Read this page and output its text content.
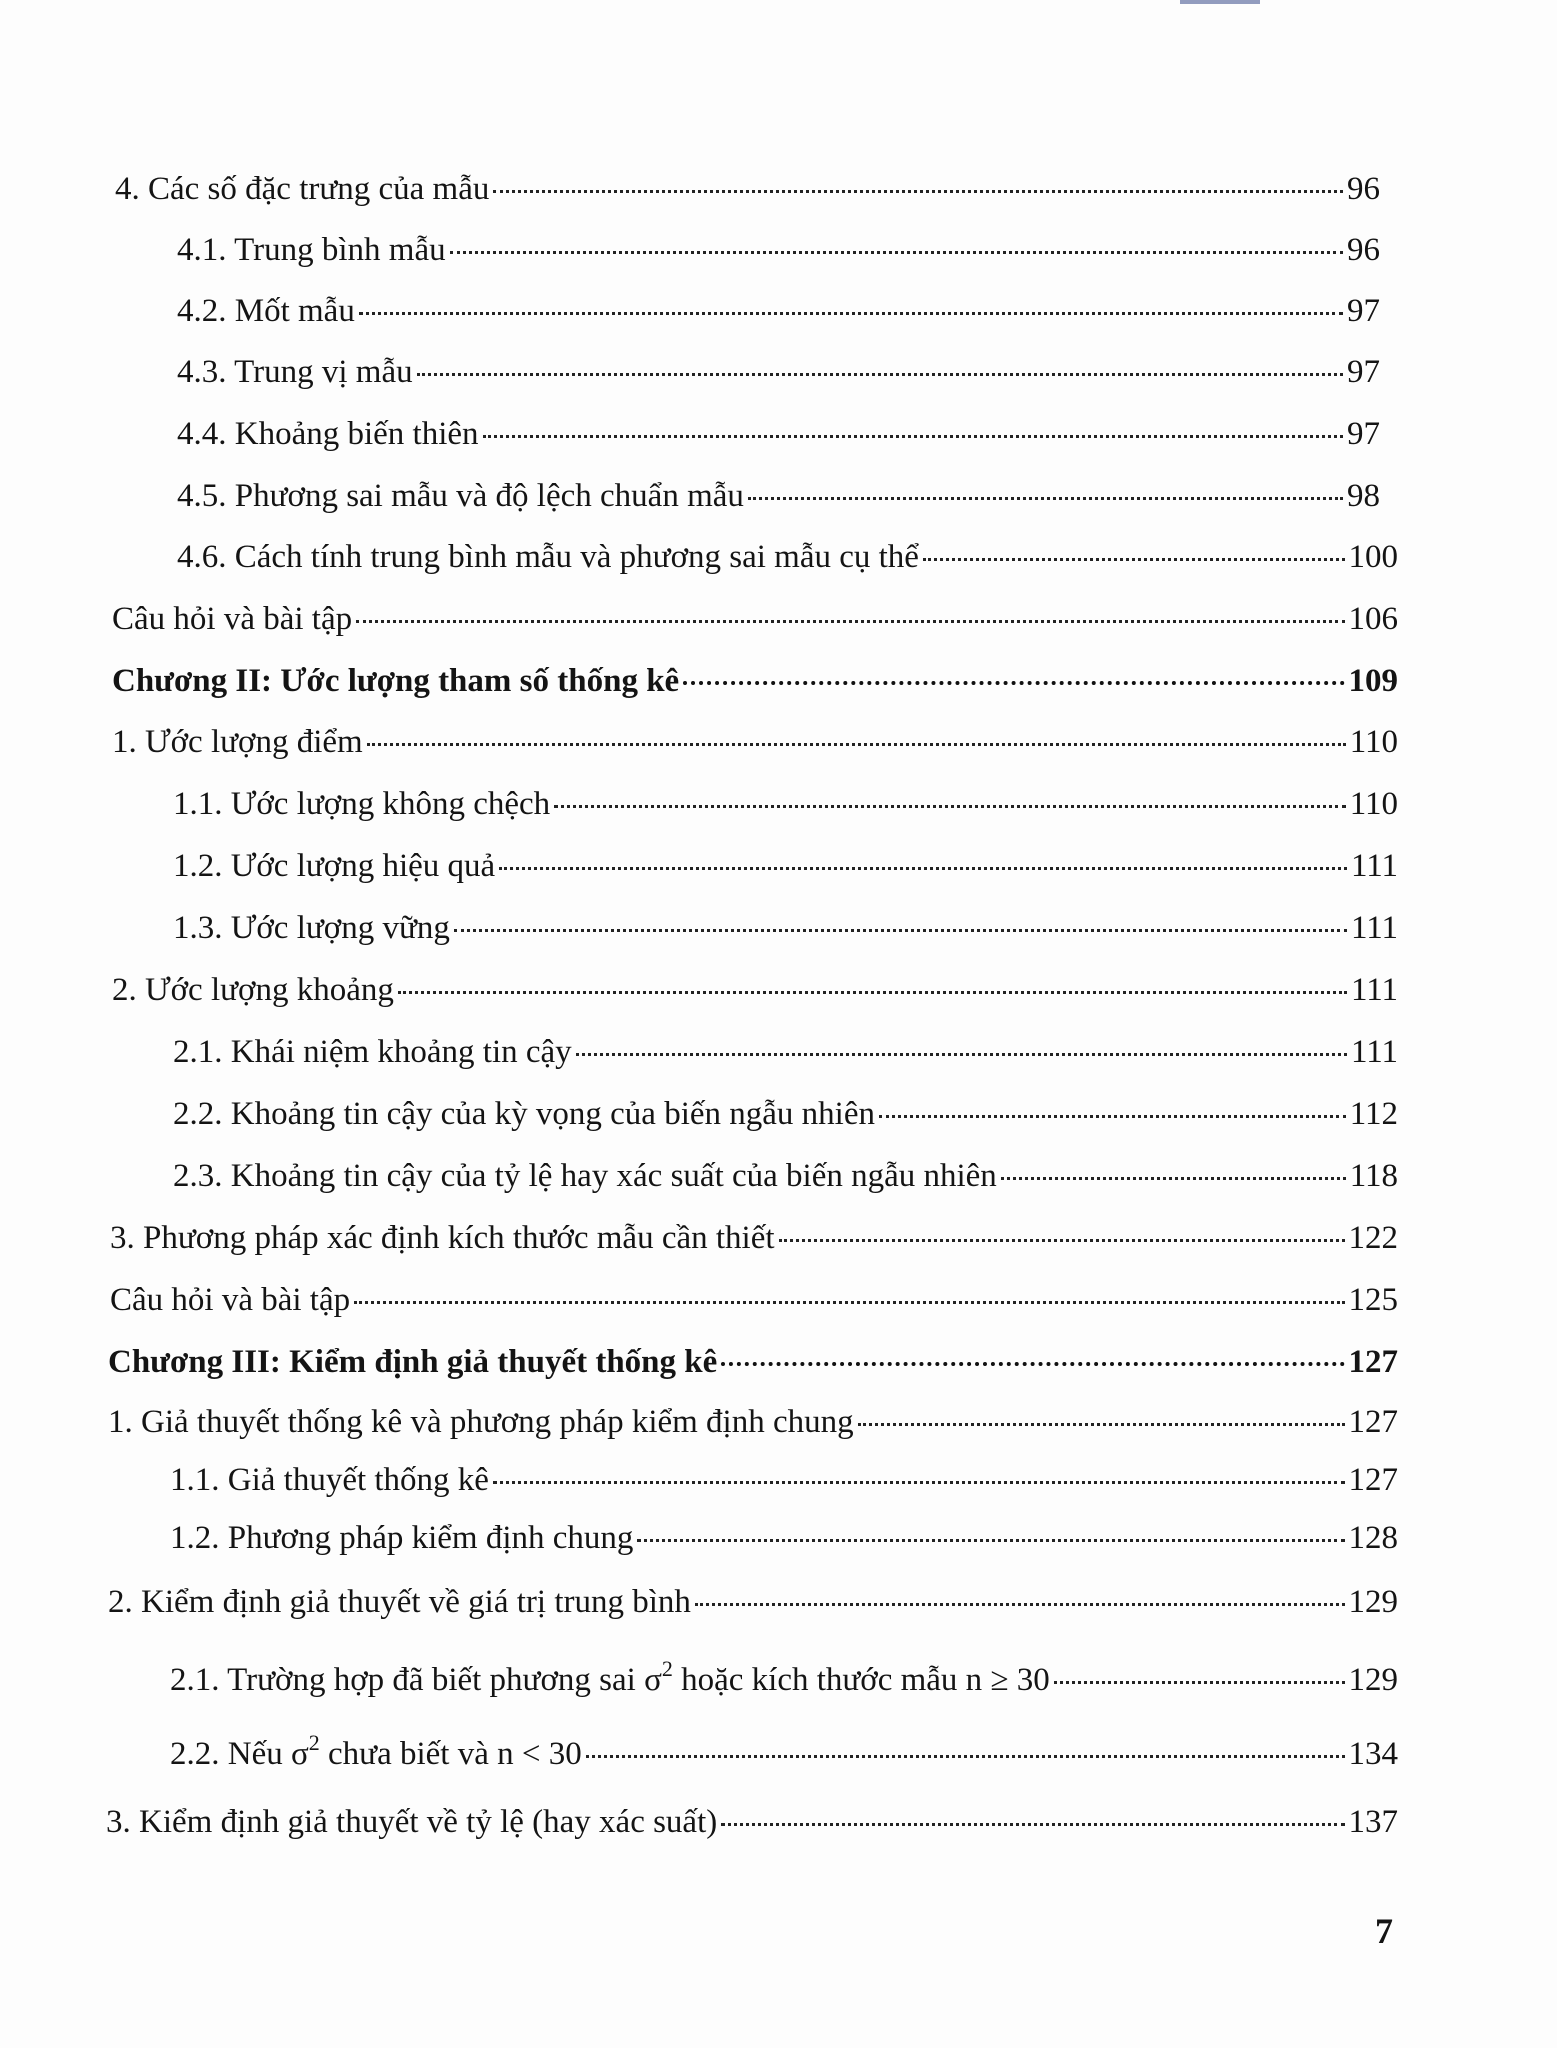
4. Các số đặc trưng của mẫu	96
4.1. Trung bình mẫu	96
4.2. Mốt mẫu	97
4.3. Trung vị mẫu	97
4.4. Khoảng biến thiên	97
4.5. Phương sai mẫu và độ lệch chuẩn mẫu	98
4.6. Cách tính trung bình mẫu và phương sai mẫu cụ thể	100
Câu hỏi và bài tập	106
Chương II: Ước lượng tham số thống kê	109
1. Ước lượng điểm	110
1.1. Ước lượng không chệch	110
1.2. Ước lượng hiệu quả	111
1.3. Ước lượng vững	111
2. Ước lượng khoảng	111
2.1. Khái niệm khoảng tin cậy	111
2.2. Khoảng tin cậy của kỳ vọng của biến ngẫu nhiên	112
2.3. Khoảng tin cậy của tỷ lệ hay xác suất của biến ngẫu nhiên	118
3. Phương pháp xác định kích thước mẫu cần thiết	122
Câu hỏi và bài tập	125
Chương III: Kiểm định giả thuyết thống kê	127
1. Giả thuyết thống kê và phương pháp kiểm định chung	127
1.1. Giả thuyết thống kê	127
1.2. Phương pháp kiểm định chung	128
2. Kiểm định giả thuyết về giá trị trung bình	129
2.1. Trường hợp đã biết phương sai $\sigma^2$ hoặc kích thước mẫu n ≥ 30	129
2.2. Nếu $\sigma^2$ chưa biết và n < 30	134
3. Kiểm định giả thuyết về tỷ lệ (hay xác suất)	137
7
